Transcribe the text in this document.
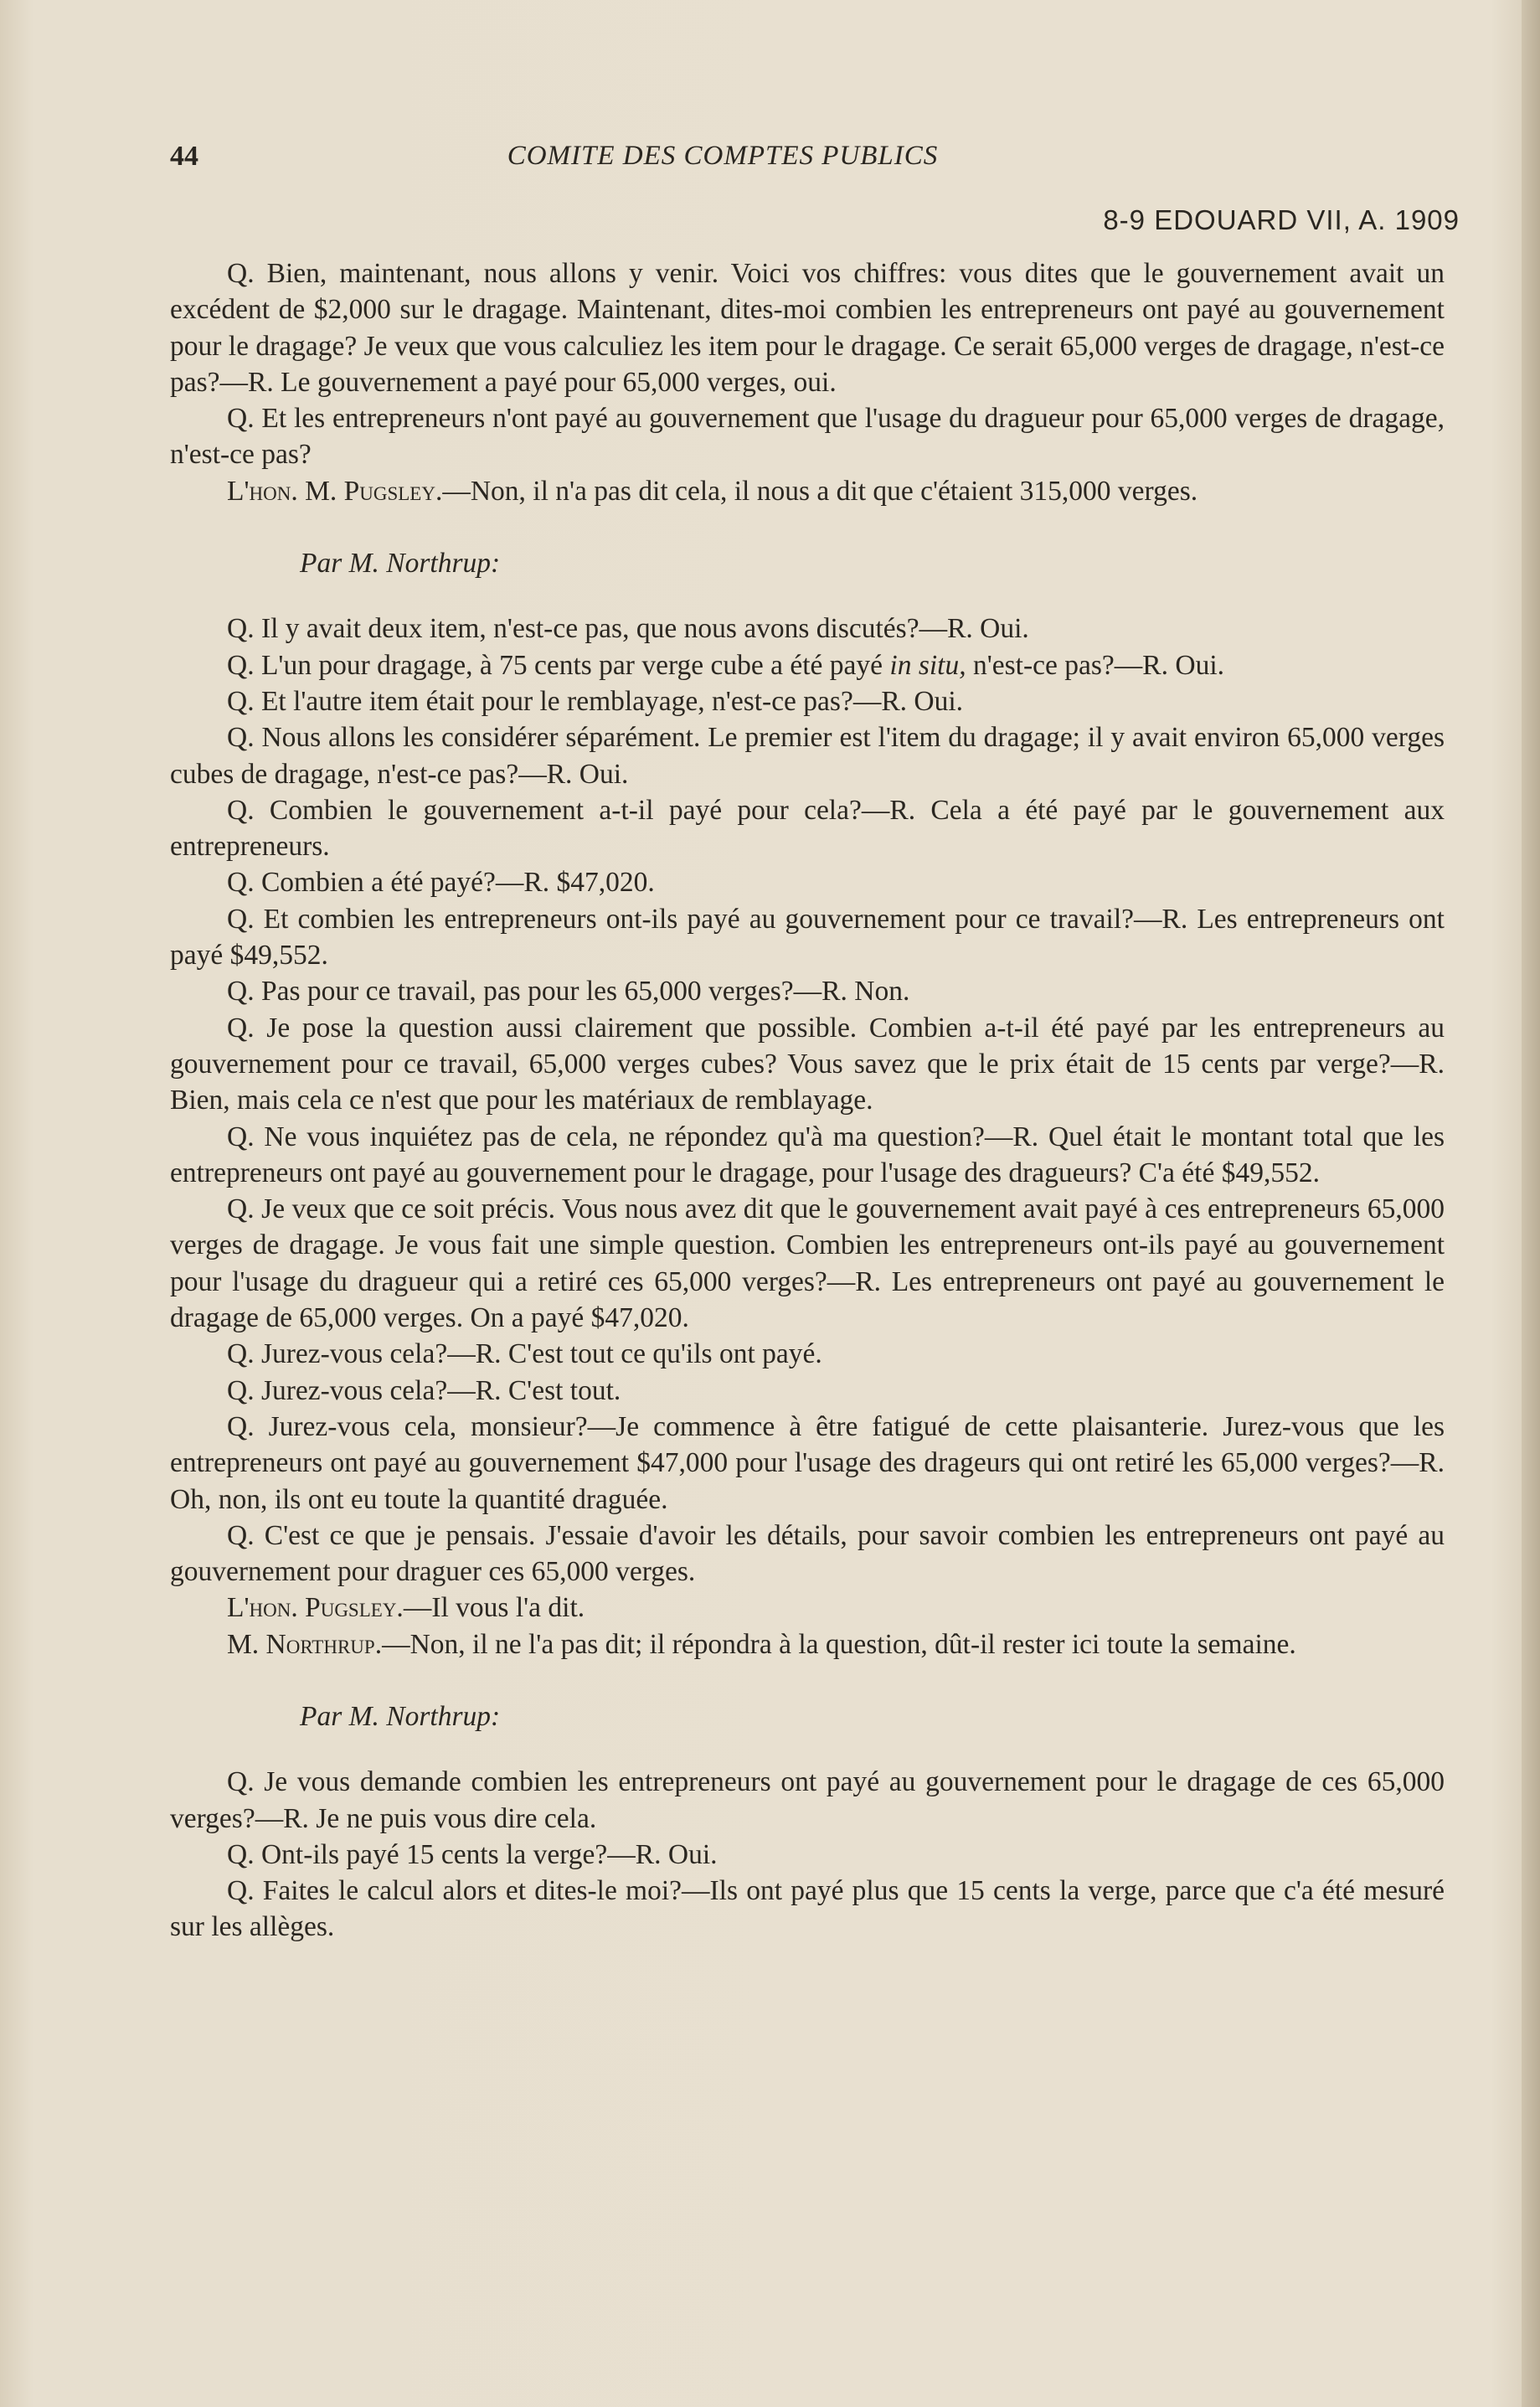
44	COMITE DES COMPTES PUBLICS
8-9 EDOUARD VII, A. 1909

Q. Bien, maintenant, nous allons y venir. Voici vos chiffres: vous dites que le gouvernement avait un excédent de $2,000 sur le dragage. Maintenant, dites-moi combien les entrepreneurs ont payé au gouvernement pour le dragage? Je veux que vous calculiez les item pour le dragage. Ce serait 65,000 verges de dragage, n'est-ce pas?—R. Le gouvernement a payé pour 65,000 verges, oui.

Q. Et les entrepreneurs n'ont payé au gouvernement que l'usage du dragueur pour 65,000 verges de dragage, n'est-ce pas?

L'hon. M. Pugsley.—Non, il n'a pas dit cela, il nous a dit que c'étaient 315,000 verges.

Par M. Northrup:

Q. Il y avait deux item, n'est-ce pas, que nous avons discutés?—R. Oui.

Q. L'un pour dragage, à 75 cents par verge cube a été payé in situ, n'est-ce pas?—R. Oui.

Q. Et l'autre item était pour le remblayage, n'est-ce pas?—R. Oui.

Q. Nous allons les considérer séparément. Le premier est l'item du dragage; il y avait environ 65,000 verges cubes de dragage, n'est-ce pas?—R. Oui.

Q. Combien le gouvernement a-t-il payé pour cela?—R. Cela a été payé par le gouvernement aux entrepreneurs.

Q. Combien a été payé?—R. $47,020.

Q. Et combien les entrepreneurs ont-ils payé au gouvernement pour ce travail?—R. Les entrepreneurs ont payé $49,552.

Q. Pas pour ce travail, pas pour les 65,000 verges?—R. Non.

Q. Je pose la question aussi clairement que possible. Combien a-t-il été payé par les entrepreneurs au gouvernement pour ce travail, 65,000 verges cubes? Vous savez que le prix était de 15 cents par verge?—R. Bien, mais cela ce n'est que pour les matériaux de remblayage.

Q. Ne vous inquiétez pas de cela, ne répondez qu'à ma question?—R. Quel était le montant total que les entrepreneurs ont payé au gouvernement pour le dragage, pour l'usage des dragueurs? C'a été $49,552.

Q. Je veux que ce soit précis. Vous nous avez dit que le gouvernement avait payé à ces entrepreneurs 65,000 verges de dragage. Je vous fait une simple question. Combien les entrepreneurs ont-ils payé au gouvernement pour l'usage du dragueur qui a retiré ces 65,000 verges?—R. Les entrepreneurs ont payé au gouvernement le dragage de 65,000 verges. On a payé $47,020.

Q. Jurez-vous cela?—R. C'est tout ce qu'ils ont payé.

Q. Jurez-vous cela?—R. C'est tout.

Q. Jurez-vous cela, monsieur?—Je commence à être fatigué de cette plaisanterie. Jurez-vous que les entrepreneurs ont payé au gouvernement $47,000 pour l'usage des drageurs qui ont retiré les 65,000 verges?—R. Oh, non, ils ont eu toute la quantité draguée.

Q. C'est ce que je pensais. J'essaie d'avoir les détails, pour savoir combien les entrepreneurs ont payé au gouvernement pour draguer ces 65,000 verges.

L'hon. Pugsley.—Il vous l'a dit.

M. Northrup.—Non, il ne l'a pas dit; il répondra à la question, dût-il rester ici toute la semaine.

Par M. Northrup:

Q. Je vous demande combien les entrepreneurs ont payé au gouvernement pour le dragage de ces 65,000 verges?—R. Je ne puis vous dire cela.

Q. Ont-ils payé 15 cents la verge?—R. Oui.

Q. Faites le calcul alors et dites-le moi?—Ils ont payé plus que 15 cents la verge, parce que c'a été mesuré sur les allèges.
